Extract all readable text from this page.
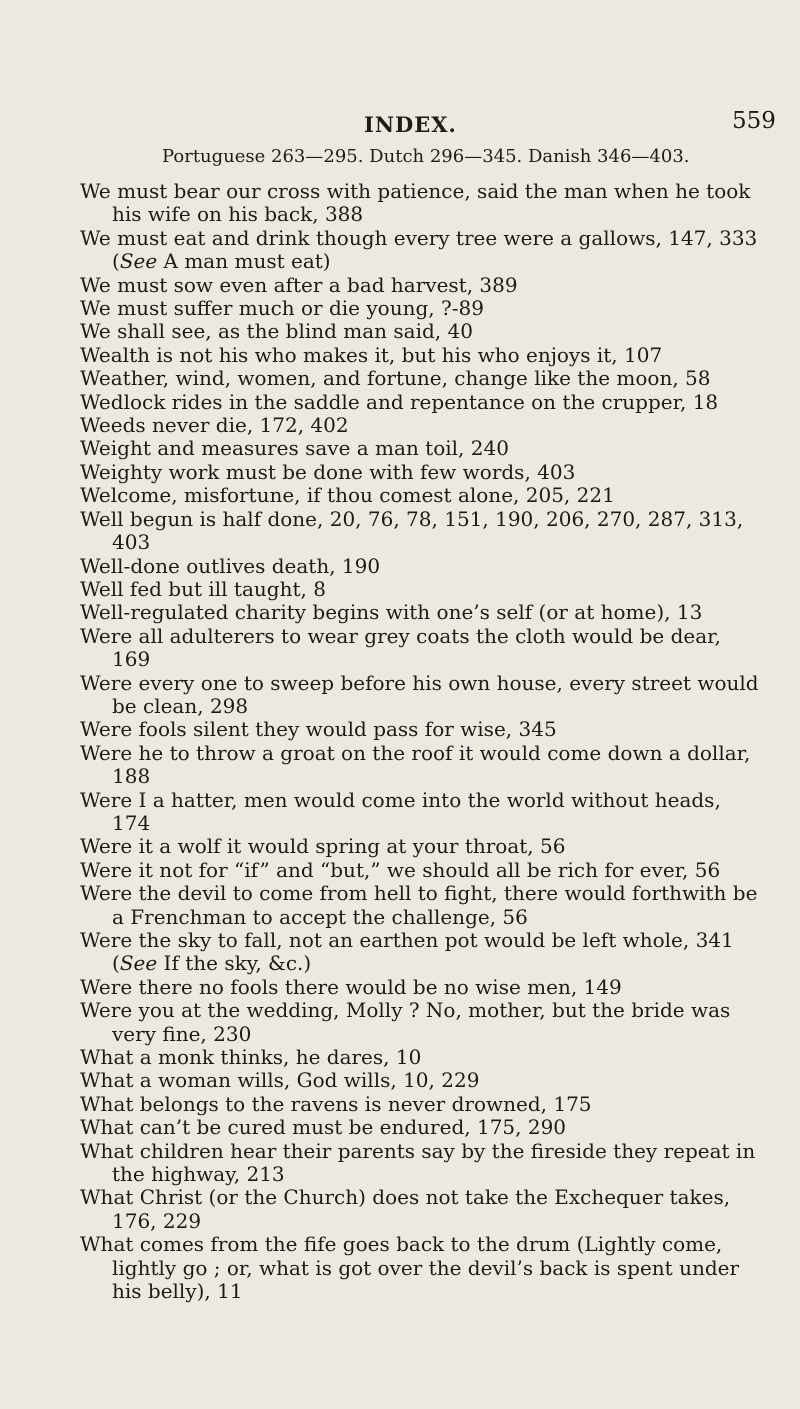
INDEX.	559
Portuguese 263—295. Dutch 296—345. Danish 346—403.

We must bear our cross with patience, said the man when he took his wife on his back, 388

We must eat and drink though every tree were a gallows, 147, 333

(See A man must eat)

We must sow even after a bad harvest, 389

We must suffer much or die young, ?-89

We shall see, as the blind man said, 40

Wealth is not his who makes it, but his who enjoys it, 107

Weather, wind, women, and fortune, change like the moon, 58

Wedlock rides in the saddle and repentance on the crupper, 18

Weeds never die, 172, 402

Weight and measures save a man toil, 240

Weighty work must be done with few words, 403

Welcome, misfortune, if thou comest alone, 205, 221

Well begun is half done, 20, 76, 78, 151, 190, 206, 270, 287, 313, 403

Well-done outlives death, 190

Well fed but ill taught, 8

Well-regulated charity begins with one’s self (or at home), 13

Were all adulterers to wear grey coats the cloth would be dear, 169

Were every one to sweep before his own house, every street would be clean, 298

Were fools silent they would pass for wise, 345

Were he to throw a groat on the roof it would come down a dollar, 188

Were I a hatter, men would come into the world without heads, 174

Were it a wolf it would spring at your throat, 56

Were it not for “if” and “but,” we should all be rich for ever, 56

Were the devil to come from hell to fight, there would forthwith be a Frenchman to accept the challenge, 56

Were the sky to fall, not an earthen pot would be left whole, 341

(See If the sky, &c.)

Were there no fools there would be no wise men, 149

Were you at the wedding, Molly ? No, mother, but the bride was very fine, 230

What a monk thinks, he dares, 10

What a woman wills, God wills, 10, 229

What belongs to the ravens is never drowned, 175

What can’t be cured must be endured, 175, 290

What children hear their parents say by the fireside they repeat in the highway, 213

What Christ (or the Church) does not take the Exchequer takes, 176, 229

What comes from the fife goes back to the drum (Lightly come, lightly go ; or, what is got over the devil’s back is spent under his belly), 11
